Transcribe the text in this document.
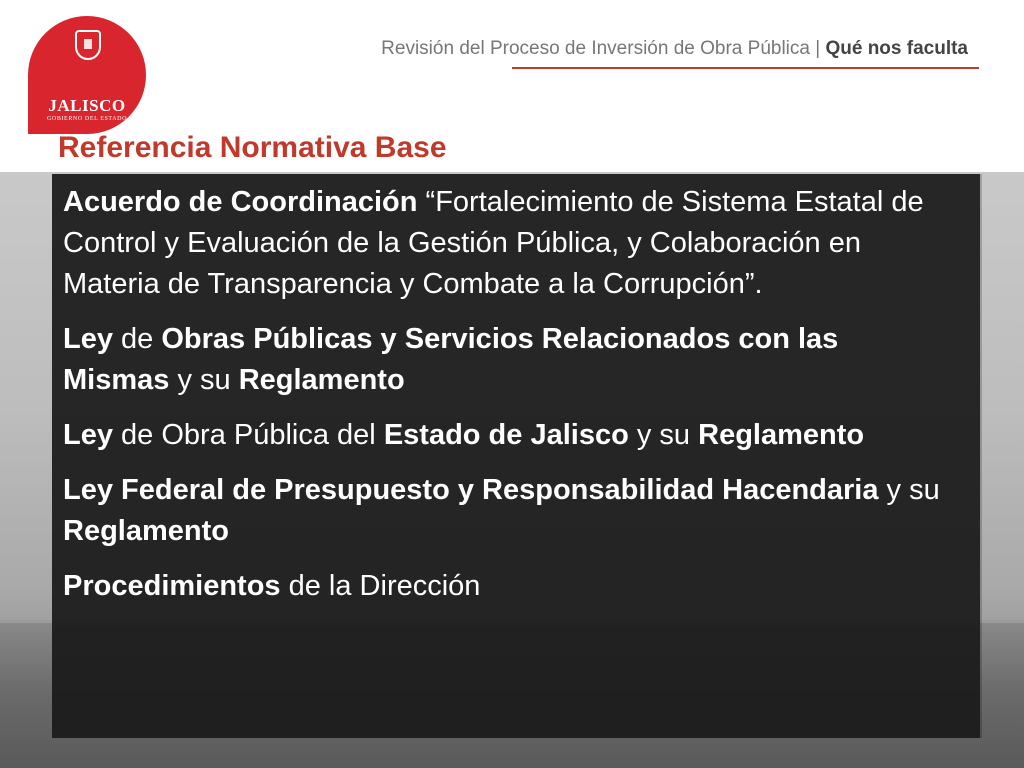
JALISCO
GOBIERNO DEL ESTADO
Revisión del Proceso de Inversión de Obra Pública | Qué nos faculta
Referencia Normativa Base

Acuerdo de Coordinación “Fortalecimiento de Sistema Estatal de Control y Evaluación de la Gestión Pública, y Colaboración en Materia de Transparencia y Combate a la Corrupción”.

Ley de Obras Públicas y Servicios Relacionados con las Mismas y su Reglamento

Ley de Obra Pública del Estado de Jalisco y su Reglamento

Ley Federal de Presupuesto y Responsabilidad Hacendaria y su Reglamento

Procedimientos de la Dirección
